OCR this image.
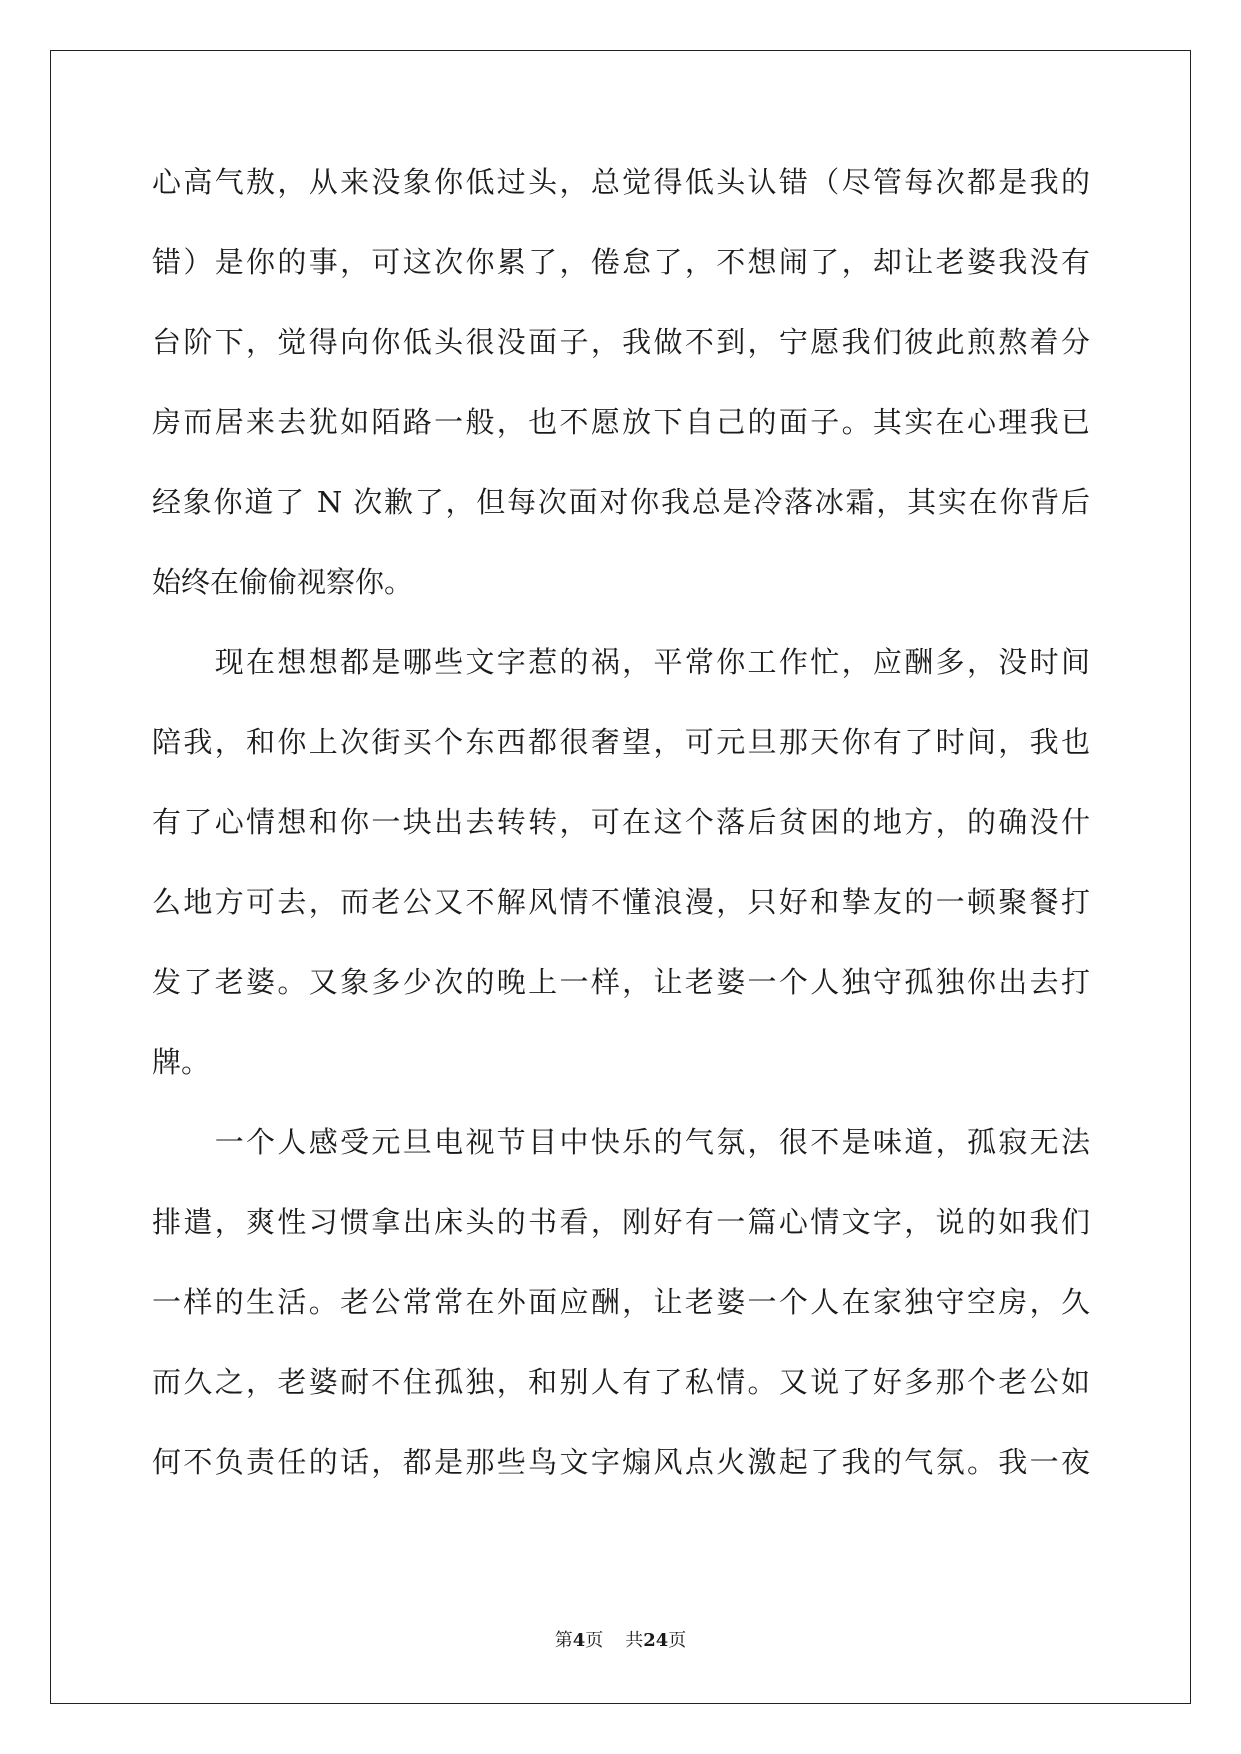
心高气敖，从来没象你低过头，总觉得低头认错（尽管每次都是我的
错）是你的事，可这次你累了，倦怠了，不想闹了，却让老婆我没有
台阶下，觉得向你低头很没面子，我做不到，宁愿我们彼此煎熬着分
房而居来去犹如陌路一般，也不愿放下自己的面子。其实在心理我已
经象你道了 N 次歉了，但每次面对你我总是冷落冰霜，其实在你背后
始终在偷偷视察你。
　　现在想想都是哪些文字惹的祸，平常你工作忙，应酬多，没时间
陪我，和你上次街买个东西都很奢望，可元旦那天你有了时间，我也
有了心情想和你一块出去转转，可在这个落后贫困的地方，的确没什
么地方可去，而老公又不解风情不懂浪漫，只好和挚友的一顿聚餐打
发了老婆。又象多少次的晚上一样，让老婆一个人独守孤独你出去打
牌。
　　一个人感受元旦电视节目中快乐的气氛，很不是味道，孤寂无法
排遣，爽性习惯拿出床头的书看，刚好有一篇心情文字，说的如我们
一样的生活。老公常常在外面应酬，让老婆一个人在家独守空房，久
而久之，老婆耐不住孤独，和别人有了私情。又说了好多那个老公如
何不负责任的话，都是那些鸟文字煽风点火激起了我的气氛。我一夜
第4页 共24页
